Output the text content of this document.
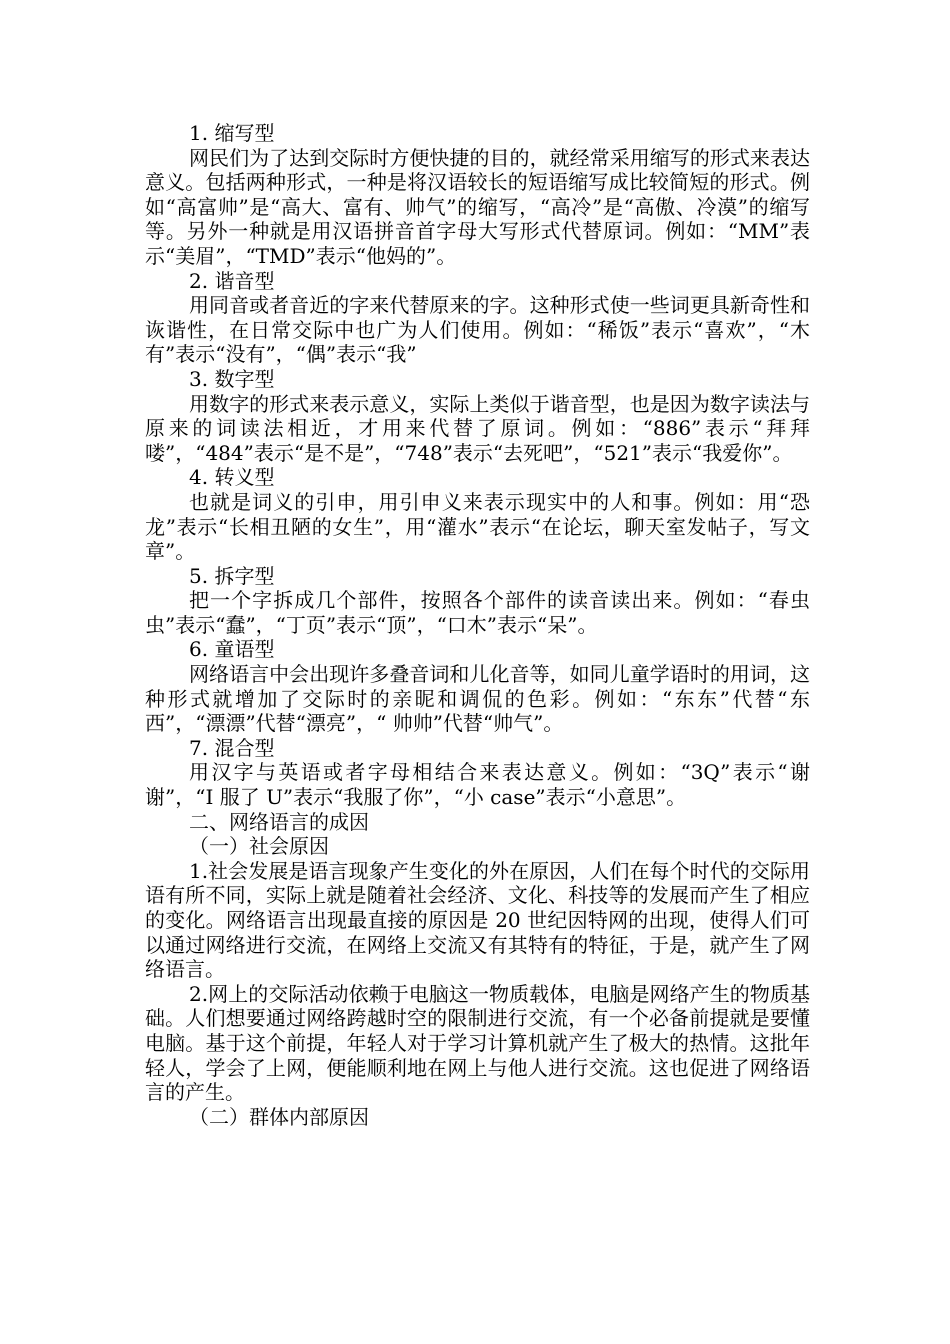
1. 缩写型
网民们为了达到交际时方便快捷的目的，就经常采用缩写的形式来表达意义。包括两种形式，一种是将汉语较长的短语缩写成比较简短的形式。例如“高富帅”是“高大、富有、帅气”的缩写，“高冷”是“高傲、冷漠”的缩写等。另外一种就是用汉语拼音首字母大写形式代替原词。例如：“MM”表示“美眉”，“TMD”表示“他妈的”。
2. 谐音型
用同音或者音近的字来代替原来的字。这种形式使一些词更具新奇性和诙谐性，在日常交际中也广为人们使用。例如：“稀饭”表示“喜欢”，“木有”表示“没有”，“偶”表示“我”
3. 数字型
用数字的形式来表示意义，实际上类似于谐音型，也是因为数字读法与原来的词读法相近，才用来代替了原词。例如：“886”表示“拜拜喽”，“484”表示“是不是”，“748”表示“去死吧”，“521”表示“我爱你”。
4. 转义型
也就是词义的引申，用引申义来表示现实中的人和事。例如：用“恐龙”表示“长相丑陋的女生”，用“灌水”表示“在论坛，聊天室发帖子，写文章”。
5. 拆字型
把一个字拆成几个部件，按照各个部件的读音读出来。例如：“春虫虫”表示“蠢”，“丁页”表示“顶”，“口木”表示“呆”。
6. 童语型
网络语言中会出现许多叠音词和儿化音等，如同儿童学语时的用词，这种形式就增加了交际时的亲昵和调侃的色彩。例如：“东东”代替“东西”，“漂漂”代替“漂亮”，“ 帅帅”代替“帅气”。
7. 混合型
用汉字与英语或者字母相结合来表达意义。例如：“3Q”表示“谢谢”，“I 服了 U”表示“我服了你”，“小 case”表示“小意思”。
二、网络语言的成因
（一）社会原因
1.社会发展是语言现象产生变化的外在原因，人们在每个时代的交际用语有所不同，实际上就是随着社会经济、文化、科技等的发展而产生了相应的变化。网络语言出现最直接的原因是 20 世纪因特网的出现，使得人们可以通过网络进行交流，在网络上交流又有其特有的特征，于是，就产生了网络语言。
2.网上的交际活动依赖于电脑这一物质载体，电脑是网络产生的物质基础。人们想要通过网络跨越时空的限制进行交流，有一个必备前提就是要懂电脑。基于这个前提，年轻人对于学习计算机就产生了极大的热情。这批年轻人，学会了上网，便能顺利地在网上与他人进行交流。这也促进了网络语言的产生。
（二）群体内部原因
